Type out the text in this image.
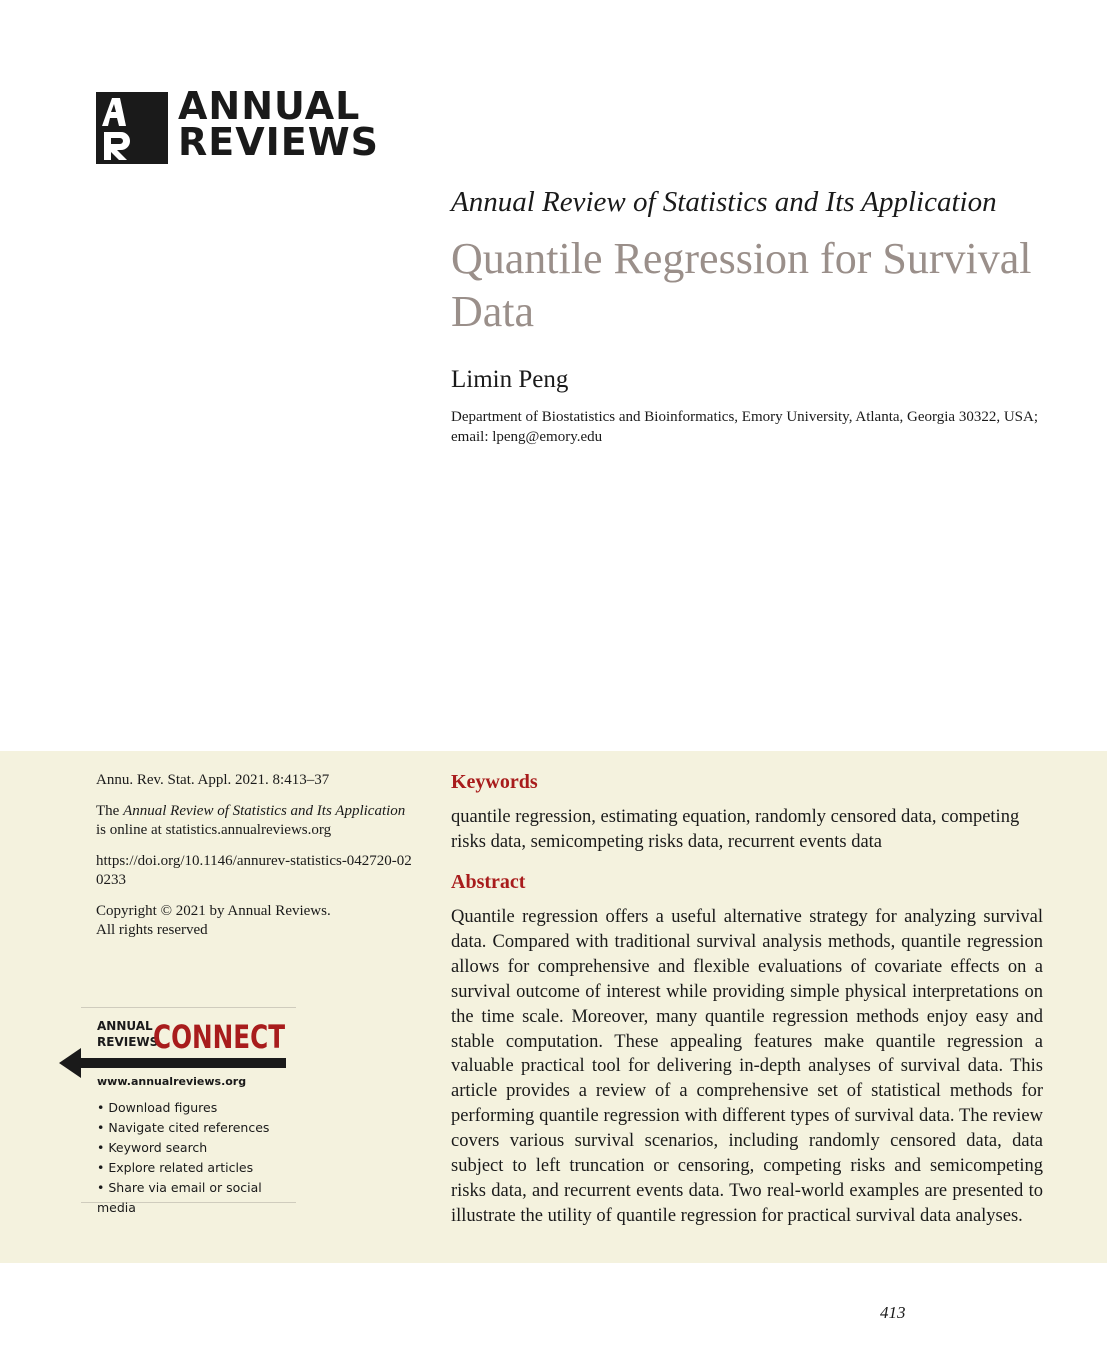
ANNUAL
REVIEWS
Annual Review of Statistics and Its Application
Quantile Regression for Survival Data
Limin Peng
Department of Biostatistics and Bioinformatics, Emory University, Atlanta, Georgia 30322, USA; email: lpeng@emory.edu
Annu. Rev. Stat. Appl. 2021. 8:413–37
The Annual Review of Statistics and Its Application is online at statistics.annualreviews.org
https://doi.org/10.1146/annurev-statistics-042720-020233
Copyright © 2021 by Annual Reviews.
All rights reserved
ANNUAL
REVIEWS
CONNECT
www.annualreviews.org
• Download figures
• Navigate cited references
• Keyword search
• Explore related articles
• Share via email or social media
Keywords
quantile regression, estimating equation, randomly censored data, competing risks data, semicompeting risks data, recurrent events data
Abstract
Quantile regression offers a useful alternative strategy for analyzing survival data. Compared with traditional survival analysis methods, quantile regression allows for comprehensive and flexible evaluations of covariate effects on a survival outcome of interest while providing simple physical interpretations on the time scale. Moreover, many quantile regression methods enjoy easy and stable computation. These appealing features make quantile regression a valuable practical tool for delivering in-depth analyses of survival data. This article provides a review of a comprehensive set of statistical methods for performing quantile regression with different types of survival data. The review covers various survival scenarios, including randomly censored data, data subject to left truncation or censoring, competing risks and semicompeting risks data, and recurrent events data. Two real-world examples are presented to illustrate the utility of quantile regression for practical survival data analyses.
413
